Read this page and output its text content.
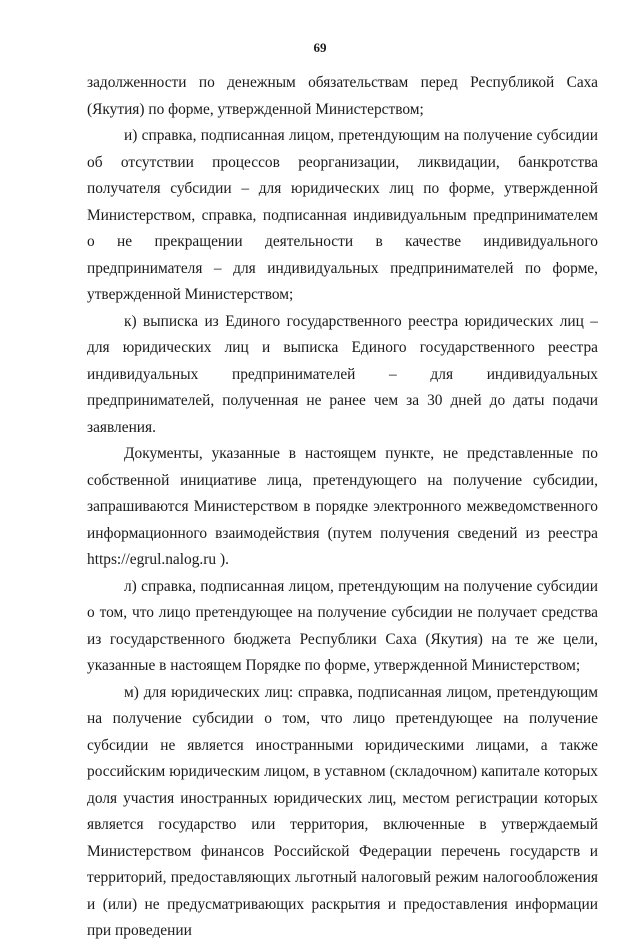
69

задолженности по денежным обязательствам перед Республикой Саха (Якутия) по форме, утвержденной Министерством;

и) справка, подписанная лицом, претендующим на получение субсидии об отсутствии процессов реорганизации, ликвидации, банкротства получателя субсидии – для юридических лиц по форме, утвержденной Министерством, справка, подписанная индивидуальным предпринимателем о не прекращении деятельности в качестве индивидуального предпринимателя – для индивидуальных предпринимателей по форме, утвержденной Министерством;

к) выписка из Единого государственного реестра юридических лиц – для юридических лиц и выписка Единого государственного реестра индивидуальных предпринимателей – для индивидуальных предпринимателей, полученная не ранее чем за 30 дней до даты подачи заявления.

Документы, указанные в настоящем пункте, не представленные по собственной инициативе лица, претендующего на получение субсидии, запрашиваются Министерством в порядке электронного межведомственного информационного взаимодействия (путем получения сведений из реестра https://egrul.nalog.ru ).

л) справка, подписанная лицом, претендующим на получение субсидии о том, что лицо претендующее на получение субсидии не получает средства из государственного бюджета Республики Саха (Якутия) на те же цели, указанные в настоящем Порядке по форме, утвержденной Министерством;

м) для юридических лиц: справка, подписанная лицом, претендующим на получение субсидии о том, что лицо претендующее на получение субсидии не является иностранными юридическими лицами, а также российским юридическим лицом, в уставном (складочном) капитале которых доля участия иностранных юридических лиц, местом регистрации которых является государство или территория, включенные в утверждаемый Министерством финансов Российской Федерации перечень государств и территорий, предоставляющих льготный налоговый режим налогообложения и (или) не предусматривающих раскрытия и предоставления информации при проведении
